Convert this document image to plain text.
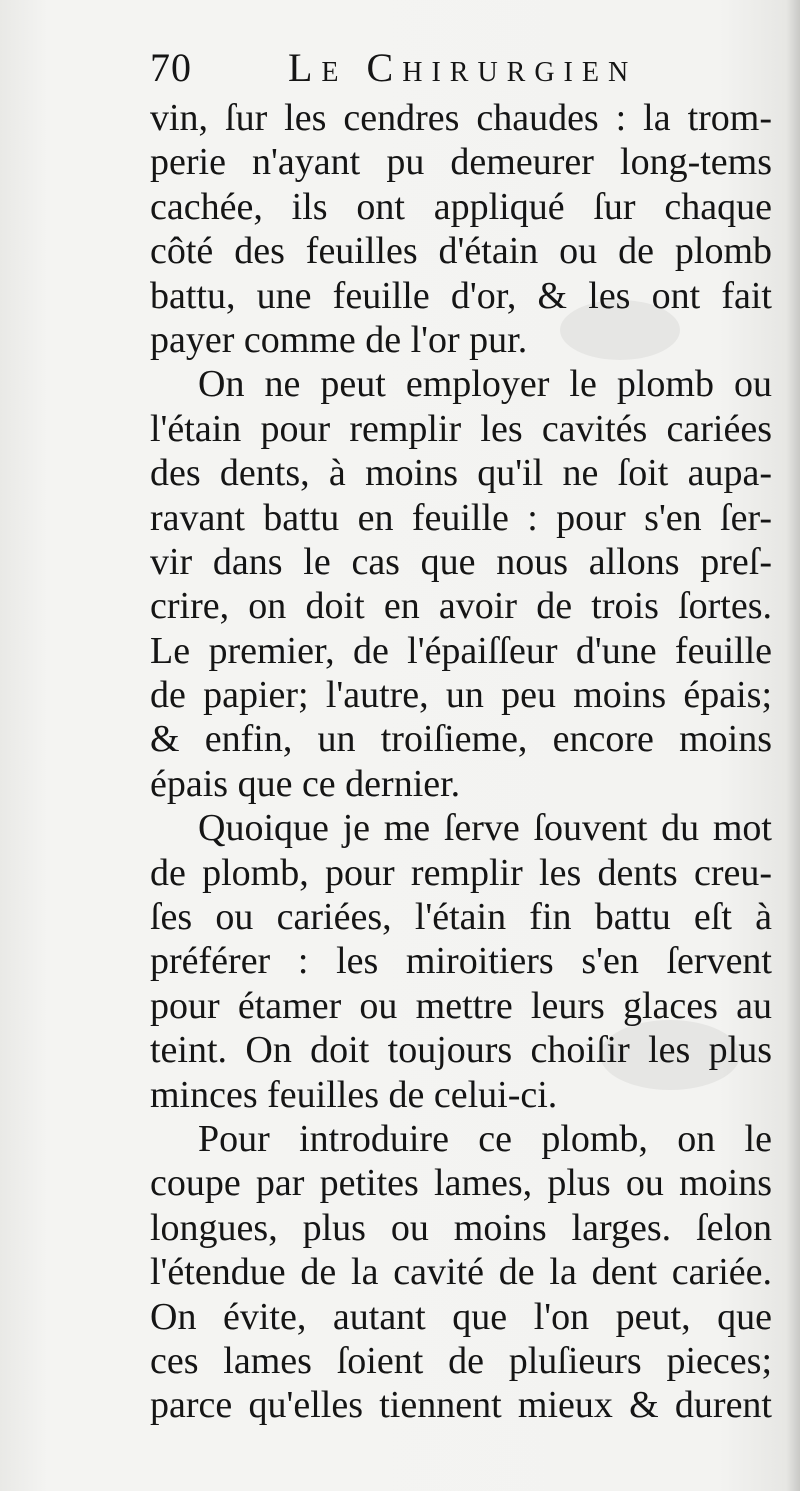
70 Le Chirurgien
vin, ſur les cendres chaudes : la trom-
perie n'ayant pu demeurer long-tems
cachée, ils ont appliqué ſur chaque
côté des feuilles d'étain ou de plomb
battu, une feuille d'or, & les ont fait
payer comme de l'or pur.
On ne peut employer le plomb ou
l'étain pour remplir les cavités cariées
des dents, à moins qu'il ne ſoit aupa-
ravant battu en feuille : pour s'en ſer-
vir dans le cas que nous allons preſ-
crire, on doit en avoir de trois ſortes.
Le premier, de l'épaiſſeur d'une feuille
de papier; l'autre, un peu moins épais;
& enfin, un troiſieme, encore moins
épais que ce dernier.
Quoique je me ſerve ſouvent du mot
de plomb, pour remplir les dents creu-
ſes ou cariées, l'étain fin battu eſt à
préférer : les miroitiers s'en ſervent
pour étamer ou mettre leurs glaces au
teint. On doit toujours choiſir les plus
minces feuilles de celui-ci.
Pour introduire ce plomb, on le
coupe par petites lames, plus ou moins
longues, plus ou moins larges. ſelon
l'étendue de la cavité de la dent cariée.
On évite, autant que l'on peut, que
ces lames ſoient de pluſieurs pieces;
parce qu'elles tiennent mieux & durent
